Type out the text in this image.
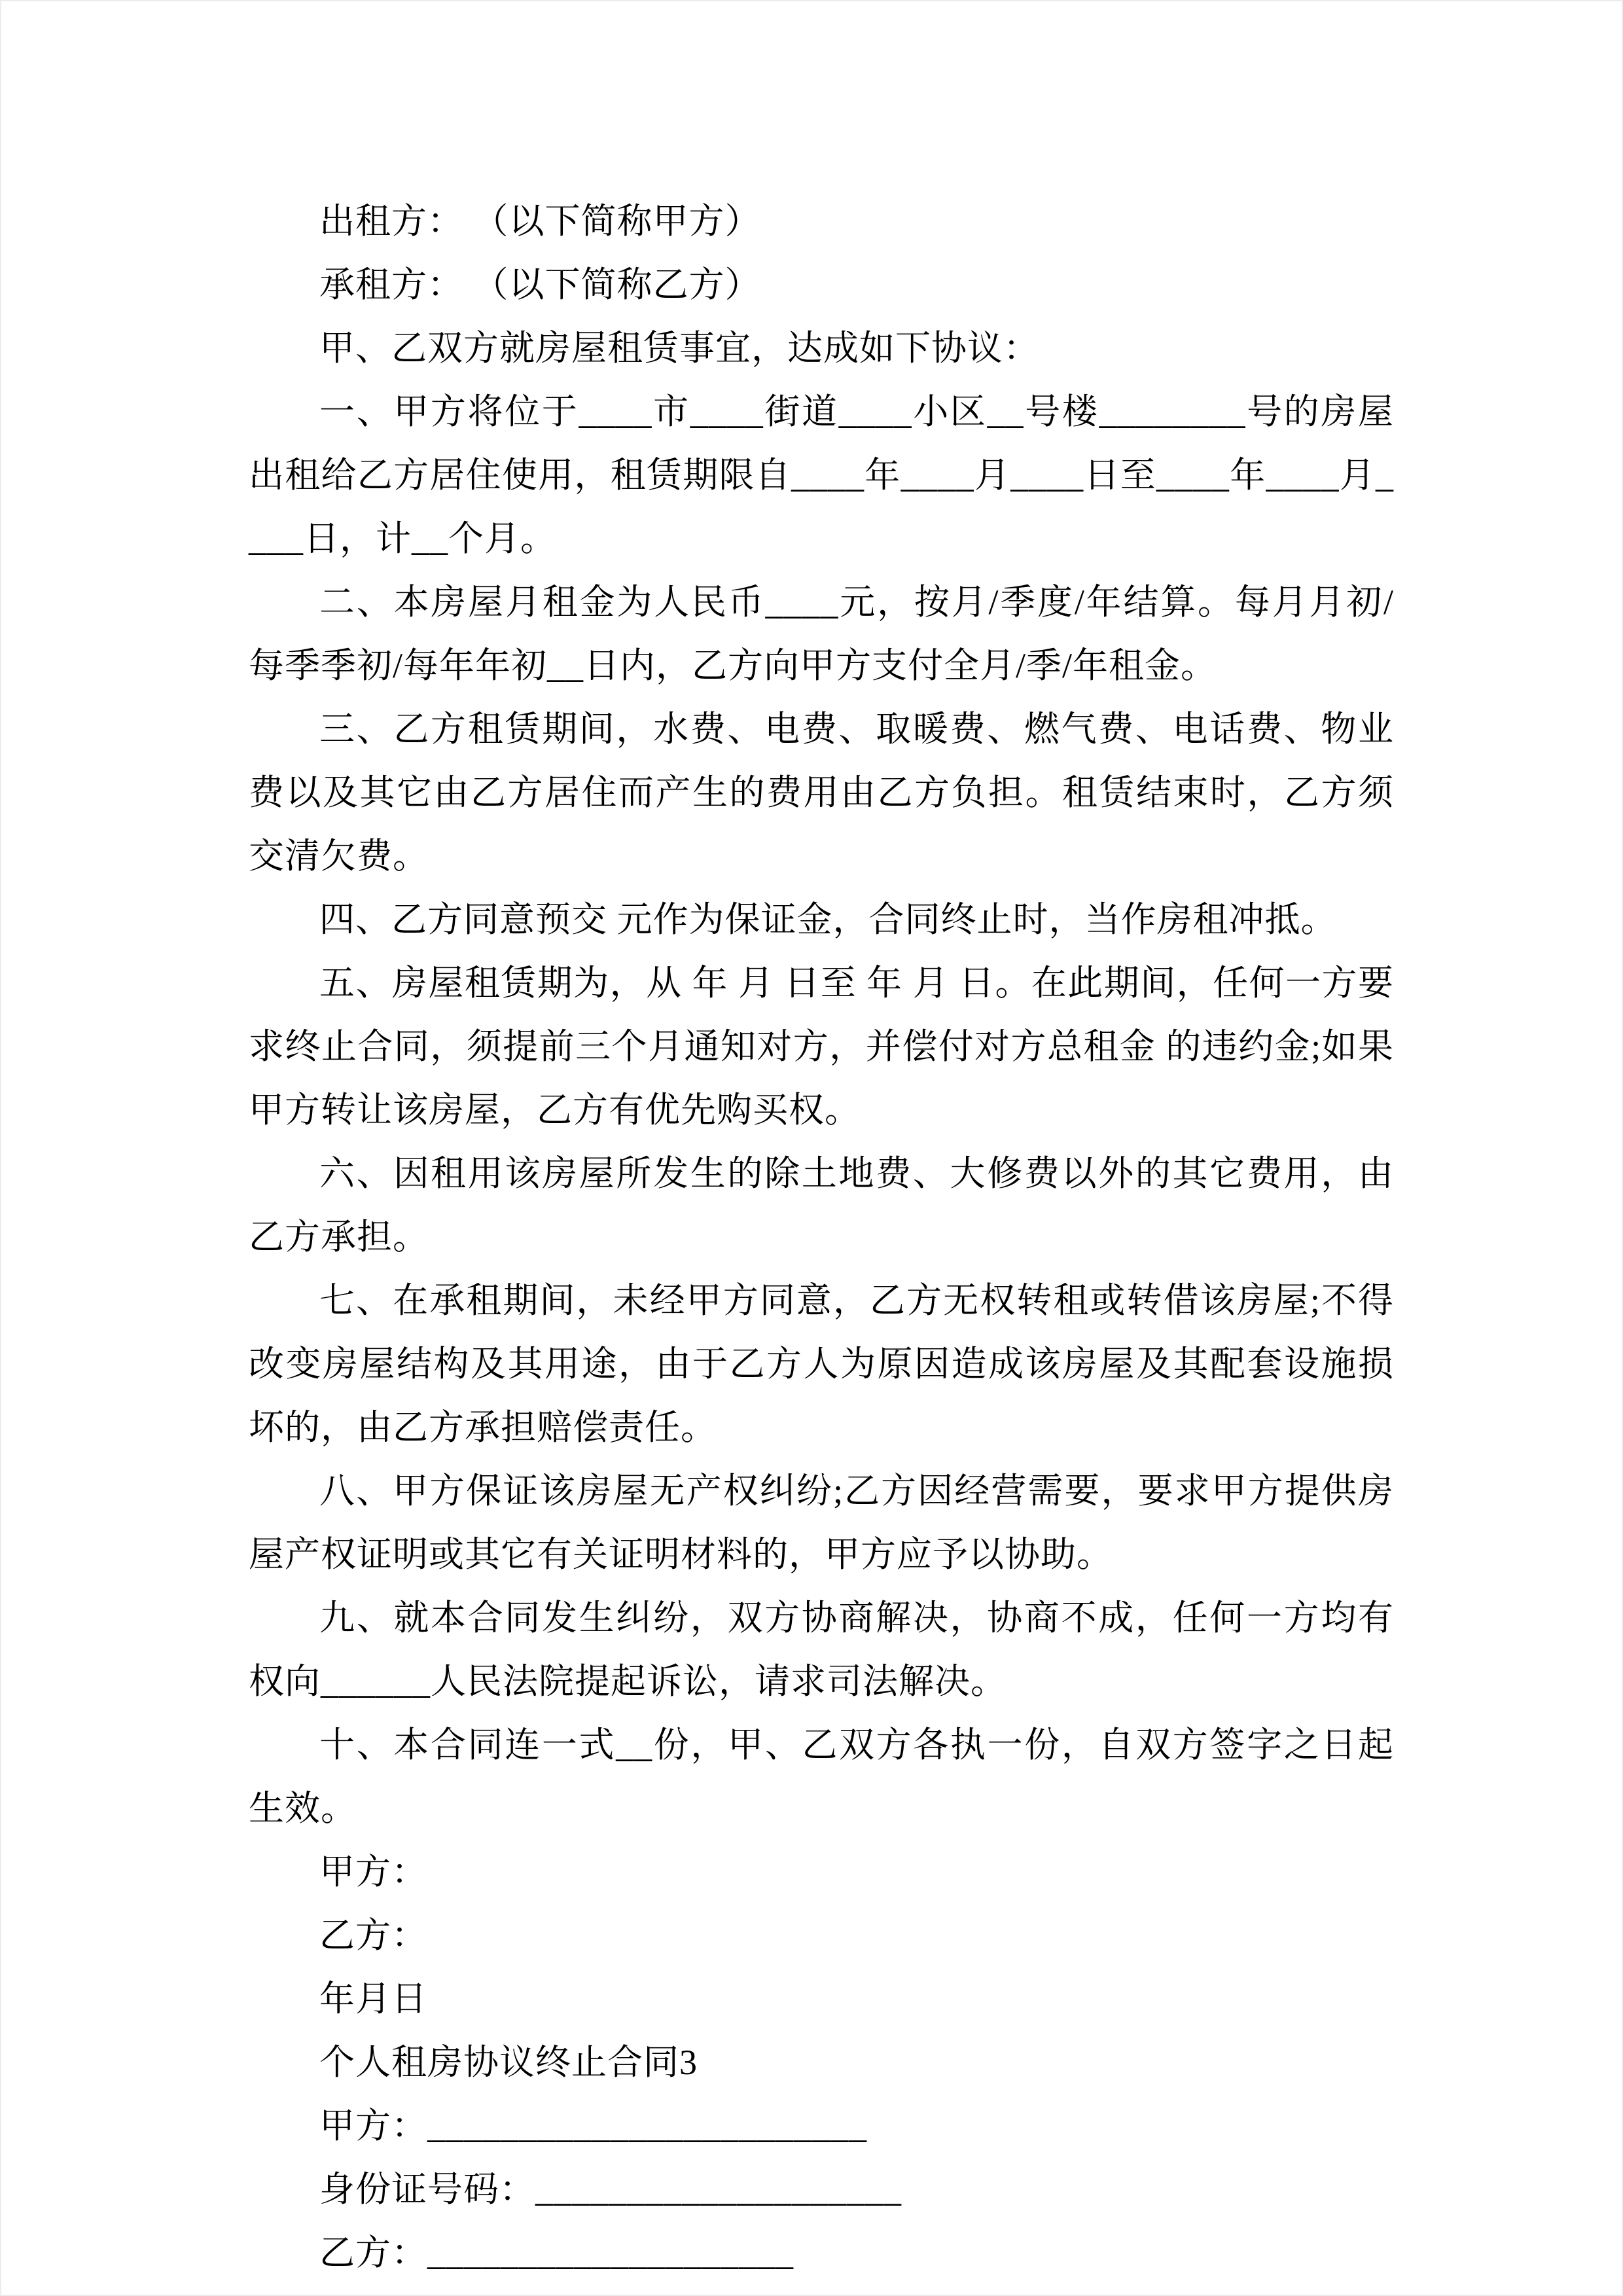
出租方： （以下简称甲方）

承租方： （以下简称乙方）

甲、乙双方就房屋租赁事宜，达成如下协议：

一、甲方将位于____市____街道____小区__号楼________号的房屋出租给乙方居住使用，租赁期限自____年____月____日至____年____月____日，计__个月。

二、本房屋月租金为人民币____元，按月/季度/年结算。每月月初/每季季初/每年年初__日内，乙方向甲方支付全月/季/年租金。

三、乙方租赁期间，水费、电费、取暖费、燃气费、电话费、物业费以及其它由乙方居住而产生的费用由乙方负担。租赁结束时，乙方须交清欠费。

四、乙方同意预交 元作为保证金，合同终止时，当作房租冲抵。

五、房屋租赁期为，从 年 月 日至 年 月 日。在此期间，任何一方要求终止合同，须提前三个月通知对方，并偿付对方总租金 的违约金;如果甲方转让该房屋，乙方有优先购买权。

六、因租用该房屋所发生的除土地费、大修费以外的其它费用，由乙方承担。

七、在承租期间，未经甲方同意，乙方无权转租或转借该房屋;不得改变房屋结构及其用途，由于乙方人为原因造成该房屋及其配套设施损坏的，由乙方承担赔偿责任。

八、甲方保证该房屋无产权纠纷;乙方因经营需要，要求甲方提供房屋产权证明或其它有关证明材料的，甲方应予以协助。

九、就本合同发生纠纷，双方协商解决，协商不成，任何一方均有权向______人民法院提起诉讼，请求司法解决。

十、本合同连一式__份，甲、乙双方各执一份，自双方签字之日起生效。

甲方：

乙方：

年月日

个人租房协议终止合同3

甲方：________________________

身份证号码：____________________

乙方：____________________
